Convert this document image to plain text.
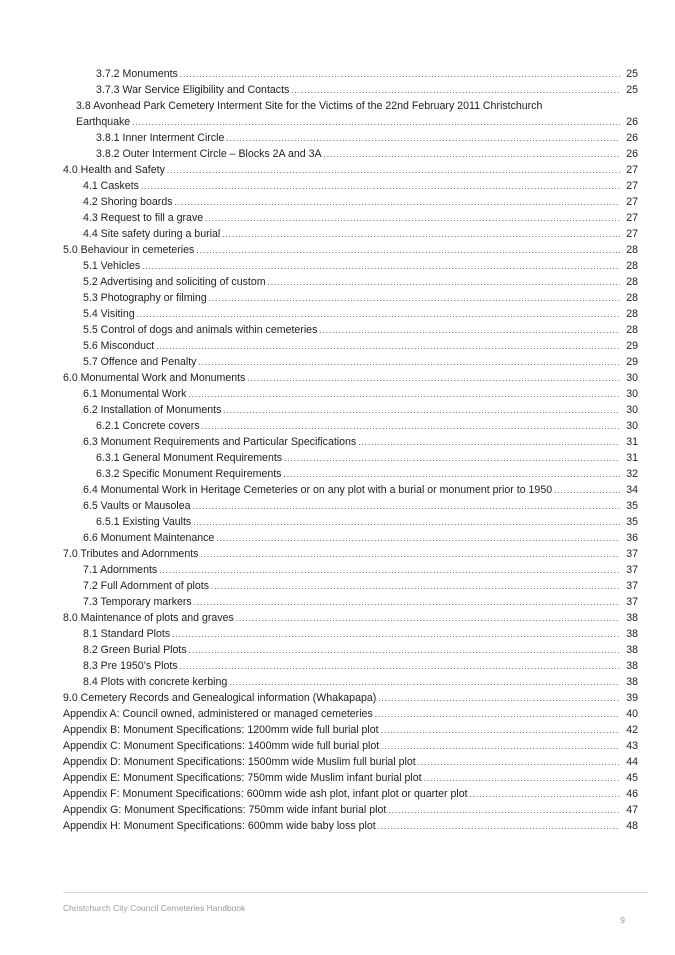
3.7.2 Monuments .....	25
3.7.3 War Service Eligibility and Contacts .....	25
3.8 Avonhead Park Cemetery Interment Site for the Victims of the 22nd February 2011 Christchurch
Earthquake .....	26
3.8.1 Inner Interment Circle .....	26
3.8.2 Outer Interment Circle – Blocks 2A and 3A .....	26
4.0 Health and Safety .....	27
4.1 Caskets .....	27
4.2 Shoring boards .....	27
4.3 Request to fill a grave .....	27
4.4 Site safety during a burial .....	27
5.0 Behaviour in cemeteries .....	28
5.1 Vehicles .....	28
5.2 Advertising and soliciting of custom .....	28
5.3 Photography or filming .....	28
5.4 Visiting .....	28
5.5 Control of dogs and animals within cemeteries .....	28
5.6 Misconduct .....	29
5.7 Offence and Penalty .....	29
6.0 Monumental Work and Monuments .....	30
6.1 Monumental Work .....	30
6.2 Installation of Monuments .....	30
6.2.1 Concrete covers .....	30
6.3 Monument Requirements and Particular Specifications .....	31
6.3.1 General Monument Requirements .....	31
6.3.2 Specific Monument Requirements .....	32
6.4 Monumental Work in Heritage Cemeteries or on any plot with a burial or monument prior to 1950 .....	34
6.5 Vaults or Mausolea .....	35
6.5.1 Existing Vaults .....	35
6.6 Monument Maintenance .....	36
7.0 Tributes and Adornments .....	37
7.1 Adornments .....	37
7.2 Full Adornment of plots .....	37
7.3 Temporary markers .....	37
8.0 Maintenance of plots and graves .....	38
8.1 Standard Plots .....	38
8.2 Green Burial Plots .....	38
8.3 Pre 1950’s Plots .....	38
8.4 Plots with concrete kerbing .....	38
9.0 Cemetery Records and Genealogical information (Whakapapa) .....	39
Appendix A: Council owned, administered or managed cemeteries .....	40
Appendix B: Monument Specifications: 1200mm wide full burial plot .....	42
Appendix C: Monument Specifications: 1400mm wide full burial plot .....	43
Appendix D: Monument Specifications: 1500mm wide Muslim full burial plot .....	44
Appendix E: Monument Specifications: 750mm wide Muslim infant burial plot .....	45
Appendix F: Monument Specifications: 600mm wide ash plot, infant plot or quarter plot .....	46
Appendix G: Monument Specifications: 750mm wide infant burial plot .....	47
Appendix H: Monument Specifications: 600mm wide baby loss plot .....	48
Christchurch City Council Cemeteries Handbook
9
